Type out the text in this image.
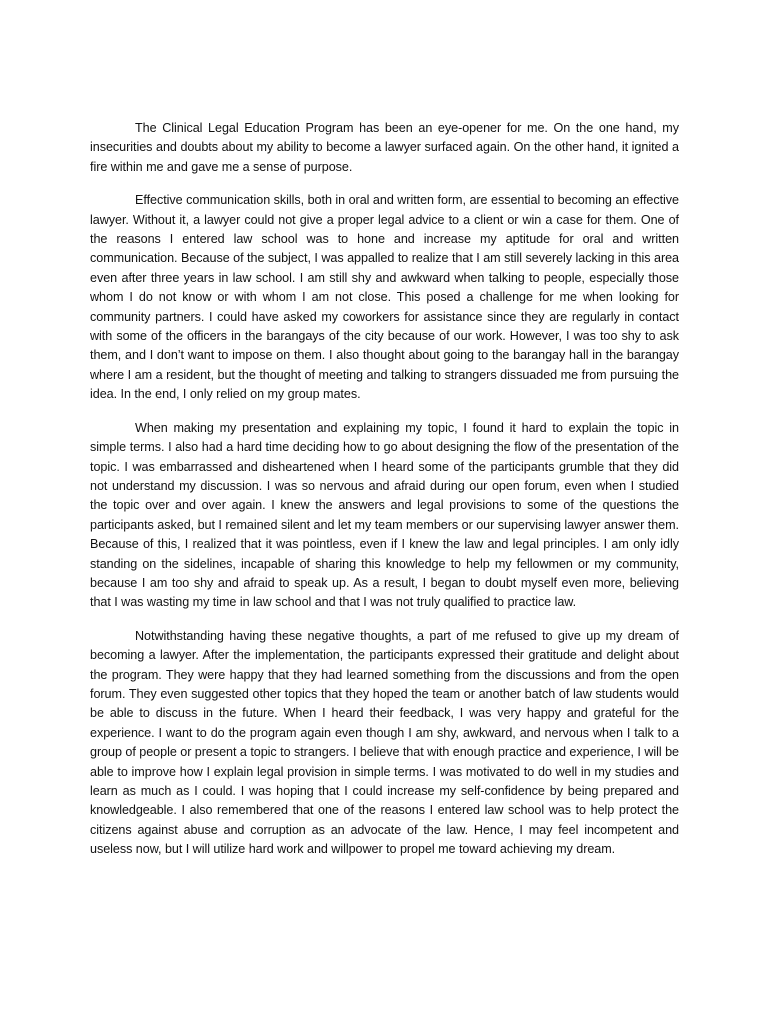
The Clinical Legal Education Program has been an eye-opener for me. On the one hand, my insecurities and doubts about my ability to become a lawyer surfaced again. On the other hand, it ignited a fire within me and gave me a sense of purpose.

Effective communication skills, both in oral and written form, are essential to becoming an effective lawyer. Without it, a lawyer could not give a proper legal advice to a client or win a case for them. One of the reasons I entered law school was to hone and increase my aptitude for oral and written communication. Because of the subject, I was appalled to realize that I am still severely lacking in this area even after three years in law school. I am still shy and awkward when talking to people, especially those whom I do not know or with whom I am not close. This posed a challenge for me when looking for community partners. I could have asked my coworkers for assistance since they are regularly in contact with some of the officers in the barangays of the city because of our work. However, I was too shy to ask them, and I don’t want to impose on them. I also thought about going to the barangay hall in the barangay where I am a resident, but the thought of meeting and talking to strangers dissuaded me from pursuing the idea. In the end, I only relied on my group mates.

When making my presentation and explaining my topic, I found it hard to explain the topic in simple terms. I also had a hard time deciding how to go about designing the flow of the presentation of the topic. I was embarrassed and disheartened when I heard some of the participants grumble that they did not understand my discussion. I was so nervous and afraid during our open forum, even when I studied the topic over and over again. I knew the answers and legal provisions to some of the questions the participants asked, but I remained silent and let my team members or our supervising lawyer answer them. Because of this, I realized that it was pointless, even if I knew the law and legal principles. I am only idly standing on the sidelines, incapable of sharing this knowledge to help my fellowmen or my community, because I am too shy and afraid to speak up. As a result, I began to doubt myself even more, believing that I was wasting my time in law school and that I was not truly qualified to practice law.

Notwithstanding having these negative thoughts, a part of me refused to give up my dream of becoming a lawyer. After the implementation, the participants expressed their gratitude and delight about the program. They were happy that they had learned something from the discussions and from the open forum. They even suggested other topics that they hoped the team or another batch of law students would be able to discuss in the future. When I heard their feedback, I was very happy and grateful for the experience. I want to do the program again even though I am shy, awkward, and nervous when I talk to a group of people or present a topic to strangers. I believe that with enough practice and experience, I will be able to improve how I explain legal provision in simple terms. I was motivated to do well in my studies and learn as much as I could. I was hoping that I could increase my self-confidence by being prepared and knowledgeable. I also remembered that one of the reasons I entered law school was to help protect the citizens against abuse and corruption as an advocate of the law. Hence, I may feel incompetent and useless now, but I will utilize hard work and willpower to propel me toward achieving my dream.
